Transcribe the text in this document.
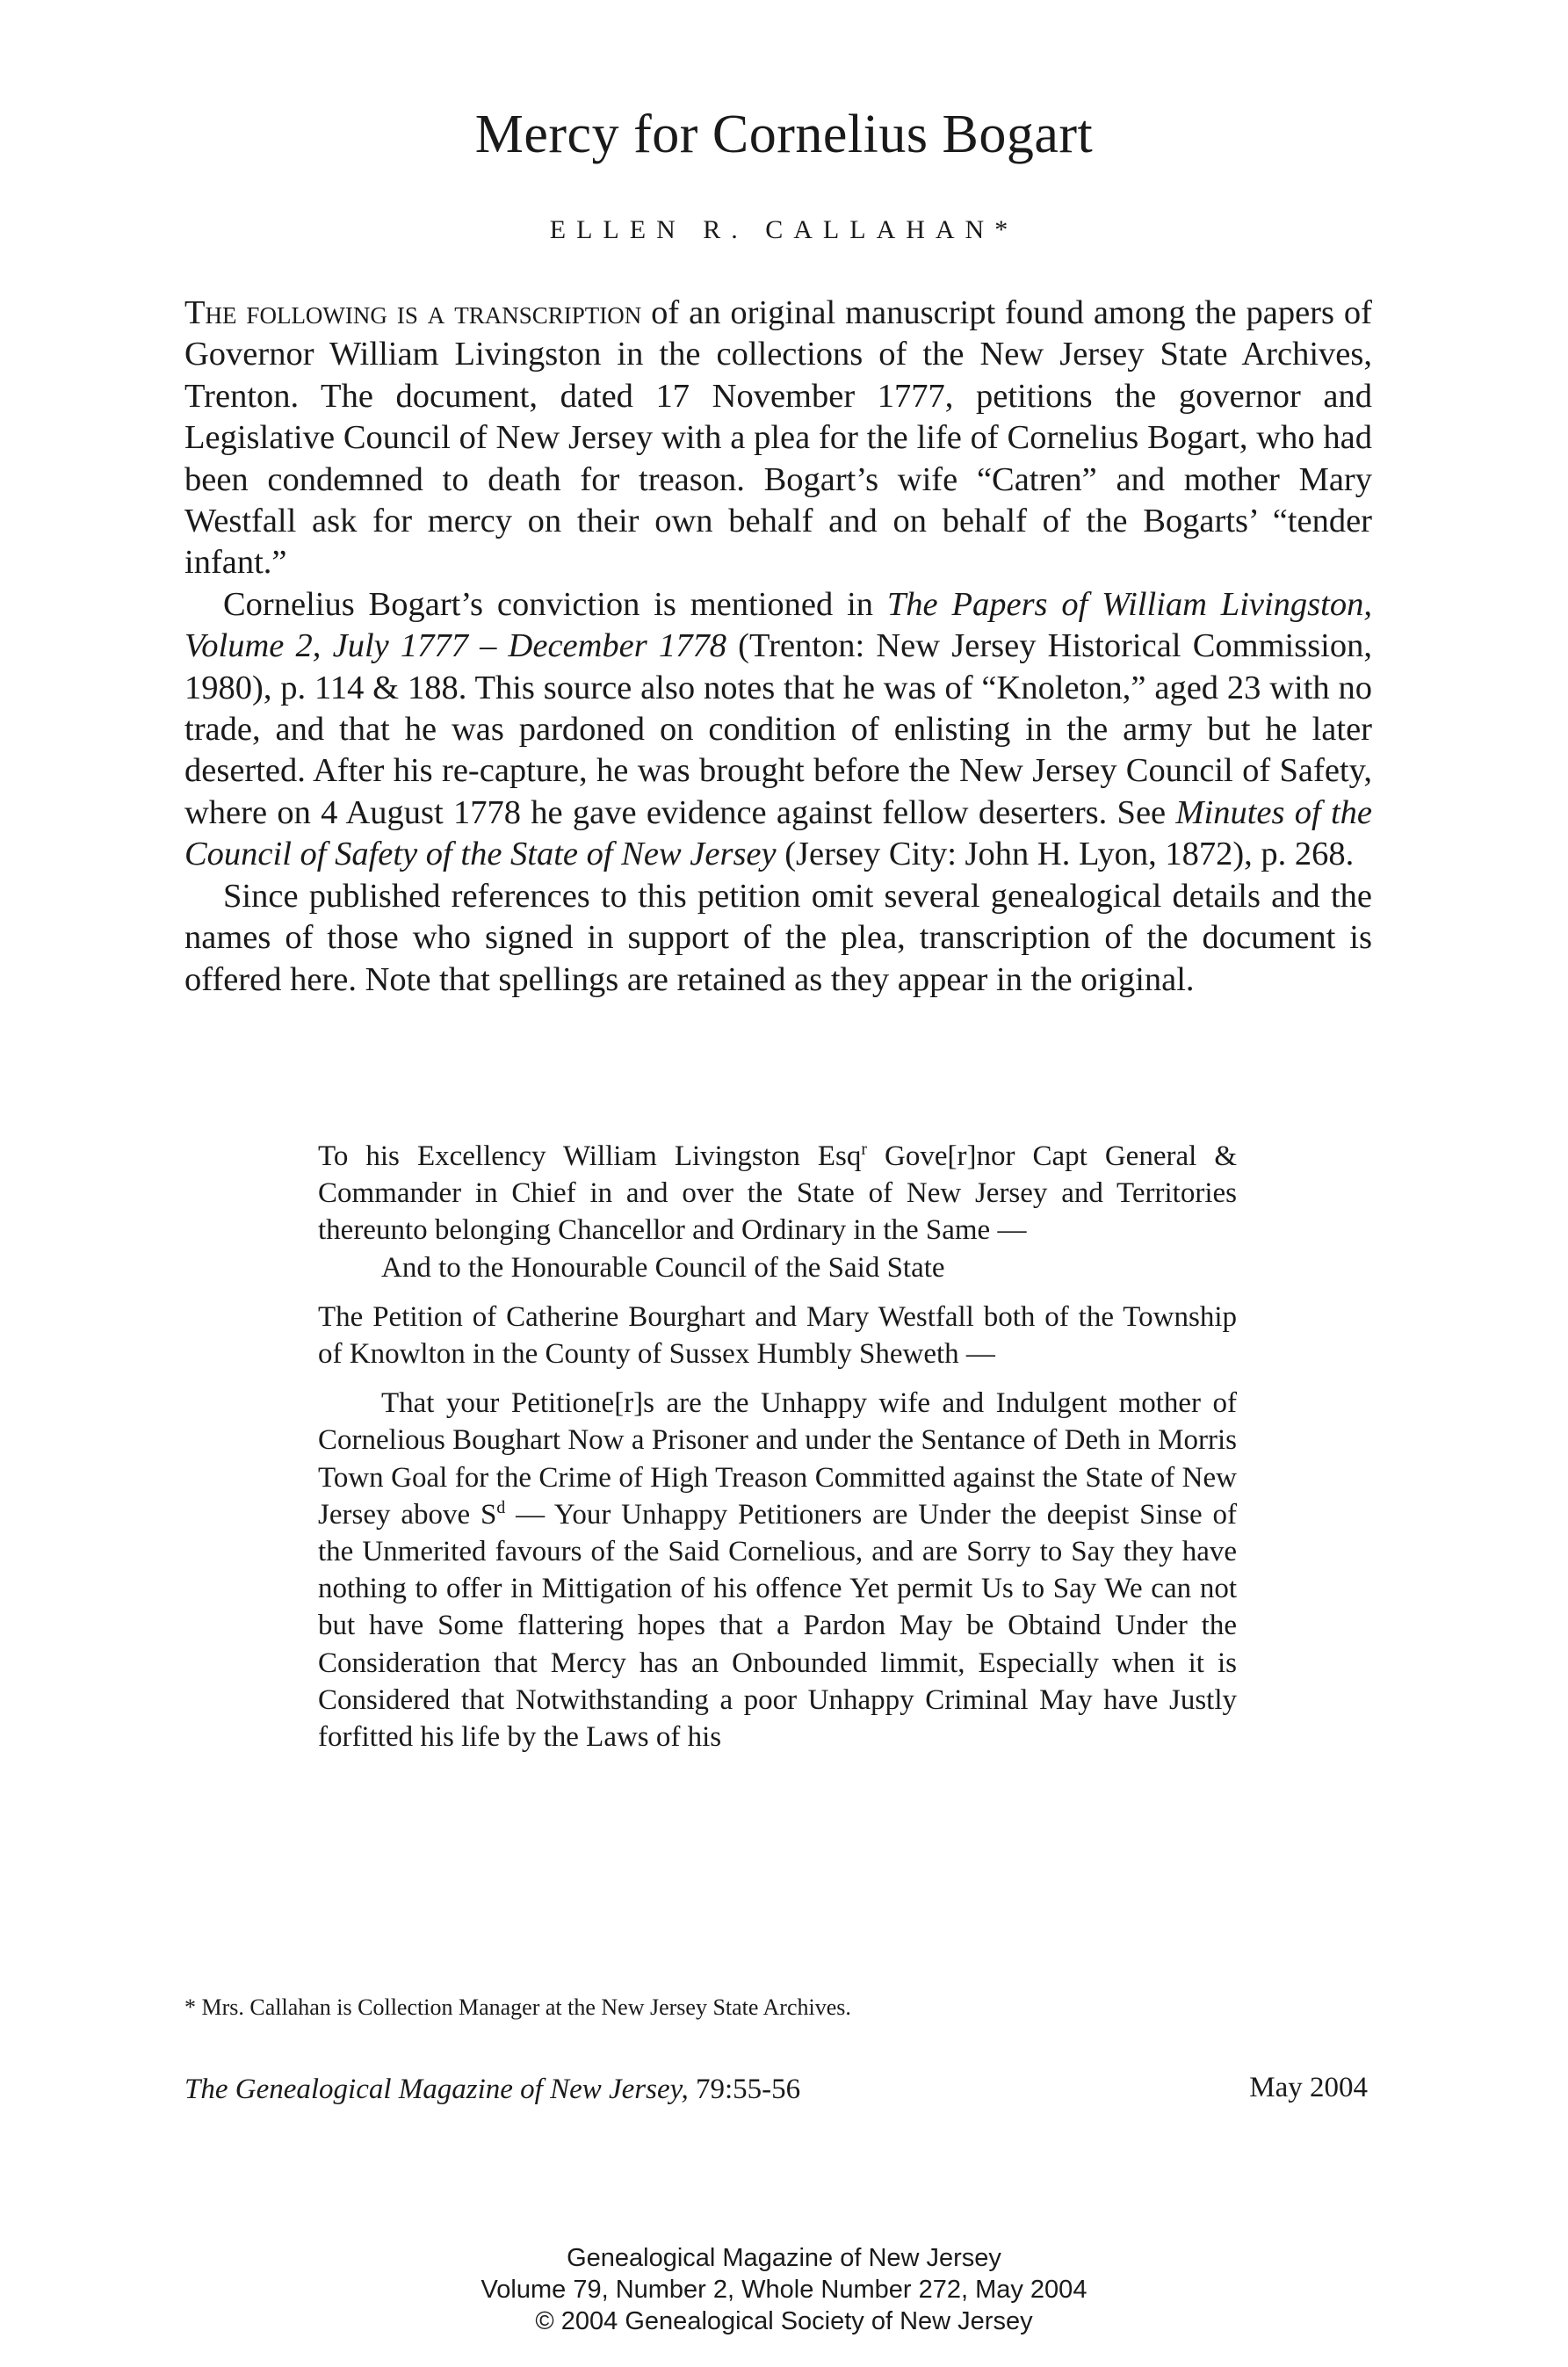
Mercy for Cornelius Bogart
ELLEN R. CALLAHAN*

The following is a transcription of an original manuscript found among the papers of Governor William Livingston in the collections of the New Jersey State Archives, Trenton. The document, dated 17 November 1777, petitions the governor and Legislative Council of New Jersey with a plea for the life of Cornelius Bogart, who had been condemned to death for treason. Bogart’s wife “Catren” and mother Mary Westfall ask for mercy on their own behalf and on behalf of the Bogarts’ “tender infant.”

Cornelius Bogart’s conviction is mentioned in The Papers of William Livingston, Volume 2, July 1777 – December 1778 (Trenton: New Jersey Historical Commission, 1980), p. 114 & 188. This source also notes that he was of “Knoleton,” aged 23 with no trade, and that he was pardoned on condition of enlisting in the army but he later deserted. After his re-capture, he was brought before the New Jersey Council of Safety, where on 4 August 1778 he gave evidence against fellow deserters. See Minutes of the Council of Safety of the State of New Jersey (Jersey City: John H. Lyon, 1872), p. 268.

Since published references to this petition omit several genealogical details and the names of those who signed in support of the plea, transcription of the document is offered here. Note that spellings are retained as they appear in the original.

To his Excellency William Livingston Esq$^r$ Gove[r]nor Capt General & Commander in Chief in and over the State of New Jersey and Territories thereunto belonging Chancellor and Ordinary in the Same —

And to the Honourable Council of the Said State

The Petition of Catherine Bourghart and Mary Westfall both of the Township of Knowlton in the County of Sussex Humbly Sheweth —

That your Petitione[r]s are the Unhappy wife and Indulgent mother of Cornelious Boughart Now a Prisoner and under the Sentance of Deth in Morris Town Goal for the Crime of High Treason Committed against the State of New Jersey above $S^d$ — Your Unhappy Petitioners are Under the deepist Sinse of the Unmerited favours of the Said Cornelious, and are Sorry to Say they have nothing to offer in Mittigation of his offence Yet permit Us to Say We can not but have Some flattering hopes that a Pardon May be Obtaind Under the Consideration that Mercy has an Onbounded limmit, Especially when it is Considered that Notwithstanding a poor Unhappy Criminal May have Justly forfitted his life by the Laws of his

* Mrs. Callahan is Collection Manager at the New Jersey State Archives.
The Genealogical Magazine of New Jersey, 79:55-56	May 2004
Genealogical Magazine of New Jersey
Volume 79, Number 2, Whole Number 272, May 2004
© 2004 Genealogical Society of New Jersey
